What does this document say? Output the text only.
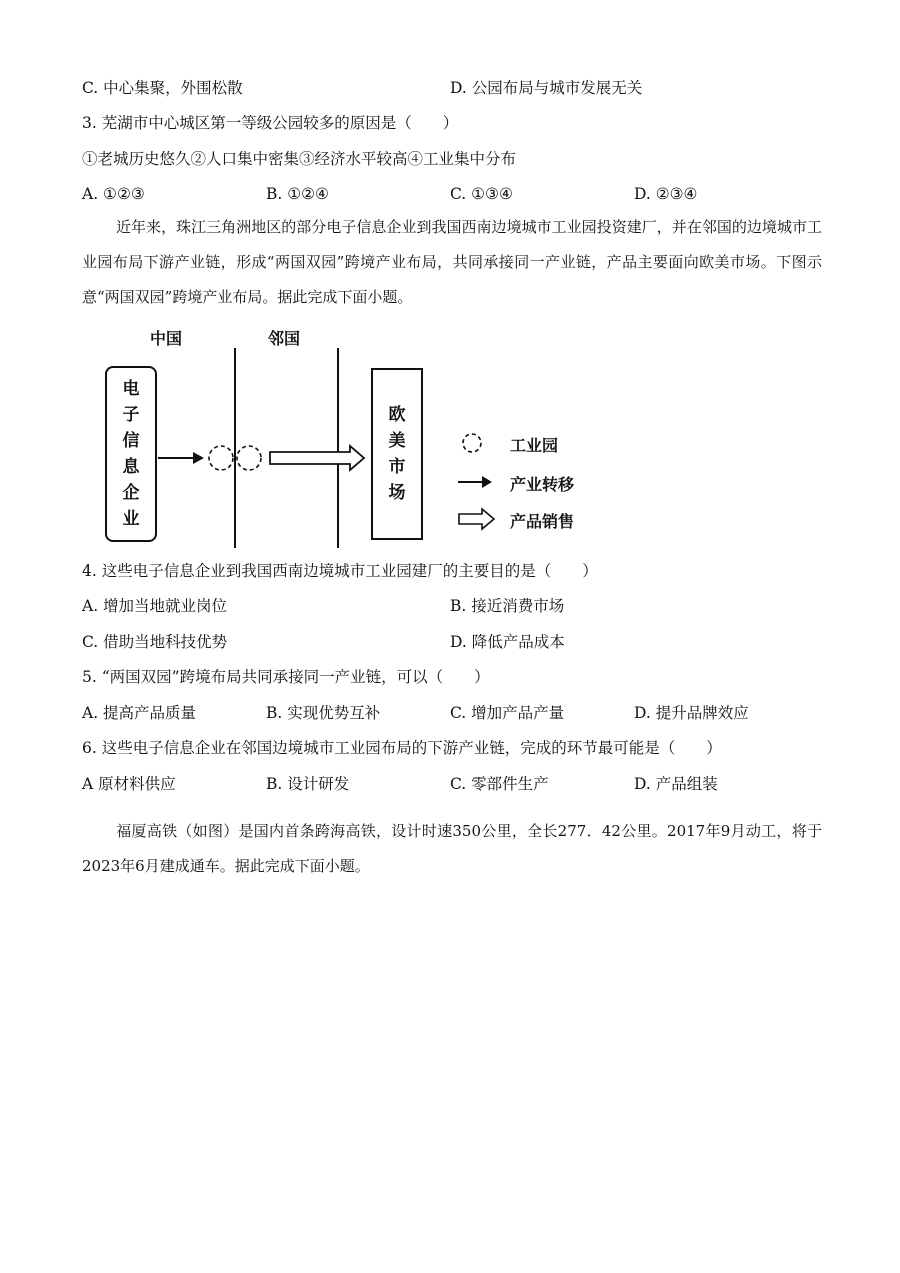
C. 中心集聚，外围松散	D. 公园布局与城市发展无关
3. 芜湖市中心城区第一等级公园较多的原因是（　　）
①老城历史悠久②人口集中密集③经济水平较高④工业集中分布
A. ①②③	B. ①②④	C. ①③④	D. ②③④
近年来，珠江三角洲地区的部分电子信息企业到我国西南边境城市工业园投资建厂，并在邻国的边境城市工业园布局下游产业链，形成“两国双园”跨境产业布局，共同承接同一产业链，产品主要面向欧美市场。下图示意“两国双园”跨境产业布局。据此完成下面小题。
中国	邻国
电
子
信
息
企
业
欧
美
市
场
工业园
产业转移
产品销售
4. 这些电子信息企业到我国西南边境城市工业园建厂的主要目的是（　　）
A. 增加当地就业岗位	B. 接近消费市场
C. 借助当地科技优势	D. 降低产品成本
5. “两国双园”跨境布局共同承接同一产业链，可以（　　）
A. 提高产品质量	B. 实现优势互补	C. 增加产品产量	D. 提升品牌效应
6. 这些电子信息企业在邻国边境城市工业园布局的下游产业链，完成的环节最可能是（　　）
A 原材料供应	B. 设计研发	C. 零部件生产	D. 产品组装
福厦高铁（如图）是国内首条跨海高铁，设计时速350公里，全长277．42公里。2017年9月动工，将于2023年6月建成通车。据此完成下面小题。
